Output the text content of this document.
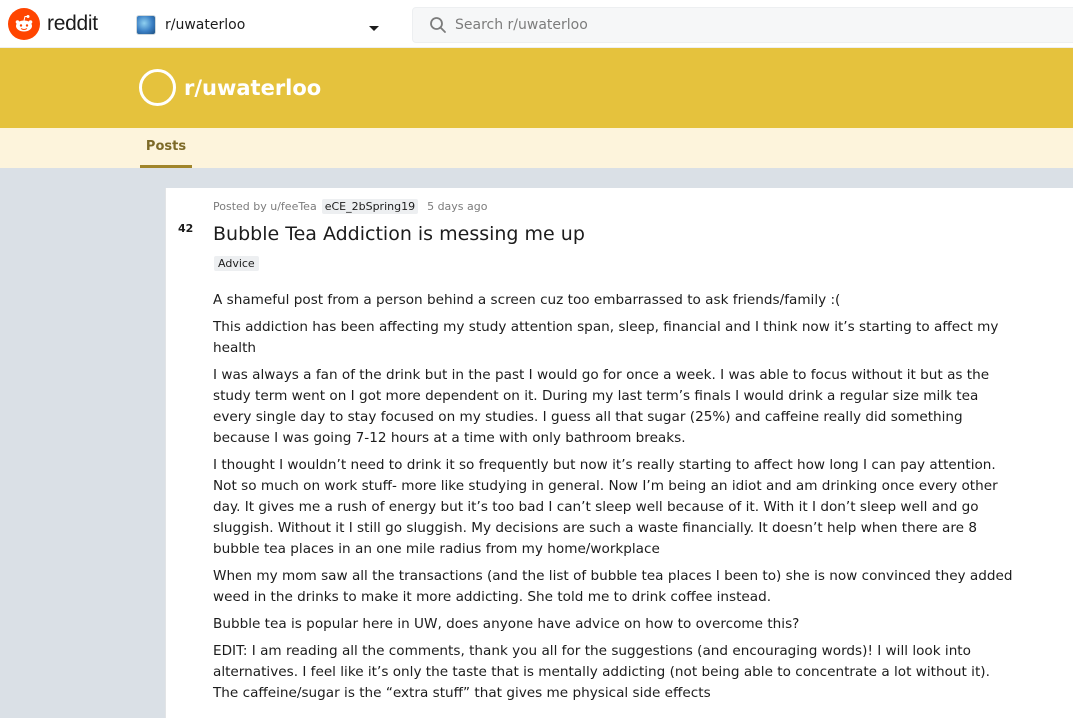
reddit	r/uwaterloo
Search r/uwaterloo
r/uwaterloo
Posts
42
Posted by u/feeTea eCE_2bSpring19 5 days ago
Bubble Tea Addiction is messing me up
Advice

A shameful post from a person behind a screen cuz too embarrassed to ask friends/family :(

This addiction has been affecting my study attention span, sleep, financial and I think now it’s starting to affect my health

I was always a fan of the drink but in the past I would go for once a week. I was able to focus without it but as the study term went on I got more dependent on it. During my last term’s finals I would drink a regular size milk tea every single day to stay focused on my studies. I guess all that sugar (25%) and caffeine really did something because I was going 7-12 hours at a time with only bathroom breaks.

I thought I wouldn’t need to drink it so frequently but now it’s really starting to affect how long I can pay attention. Not so much on work stuff- more like studying in general. Now I’m being an idiot and am drinking once every other day. It gives me a rush of energy but it’s too bad I can’t sleep well because of it. With it I don’t sleep well and go sluggish. Without it I still go sluggish. My decisions are such a waste financially. It doesn’t help when there are 8 bubble tea places in an one mile radius from my home/workplace

When my mom saw all the transactions (and the list of bubble tea places I been to) she is now convinced they added weed in the drinks to make it more addicting. She told me to drink coffee instead.

Bubble tea is popular here in UW, does anyone have advice on how to overcome this?

EDIT: I am reading all the comments, thank you all for the suggestions (and encouraging words)! I will look into alternatives. I feel like it’s only the taste that is mentally addicting (not being able to concentrate a lot without it). The caffeine/sugar is the “extra stuff” that gives me physical side effects
